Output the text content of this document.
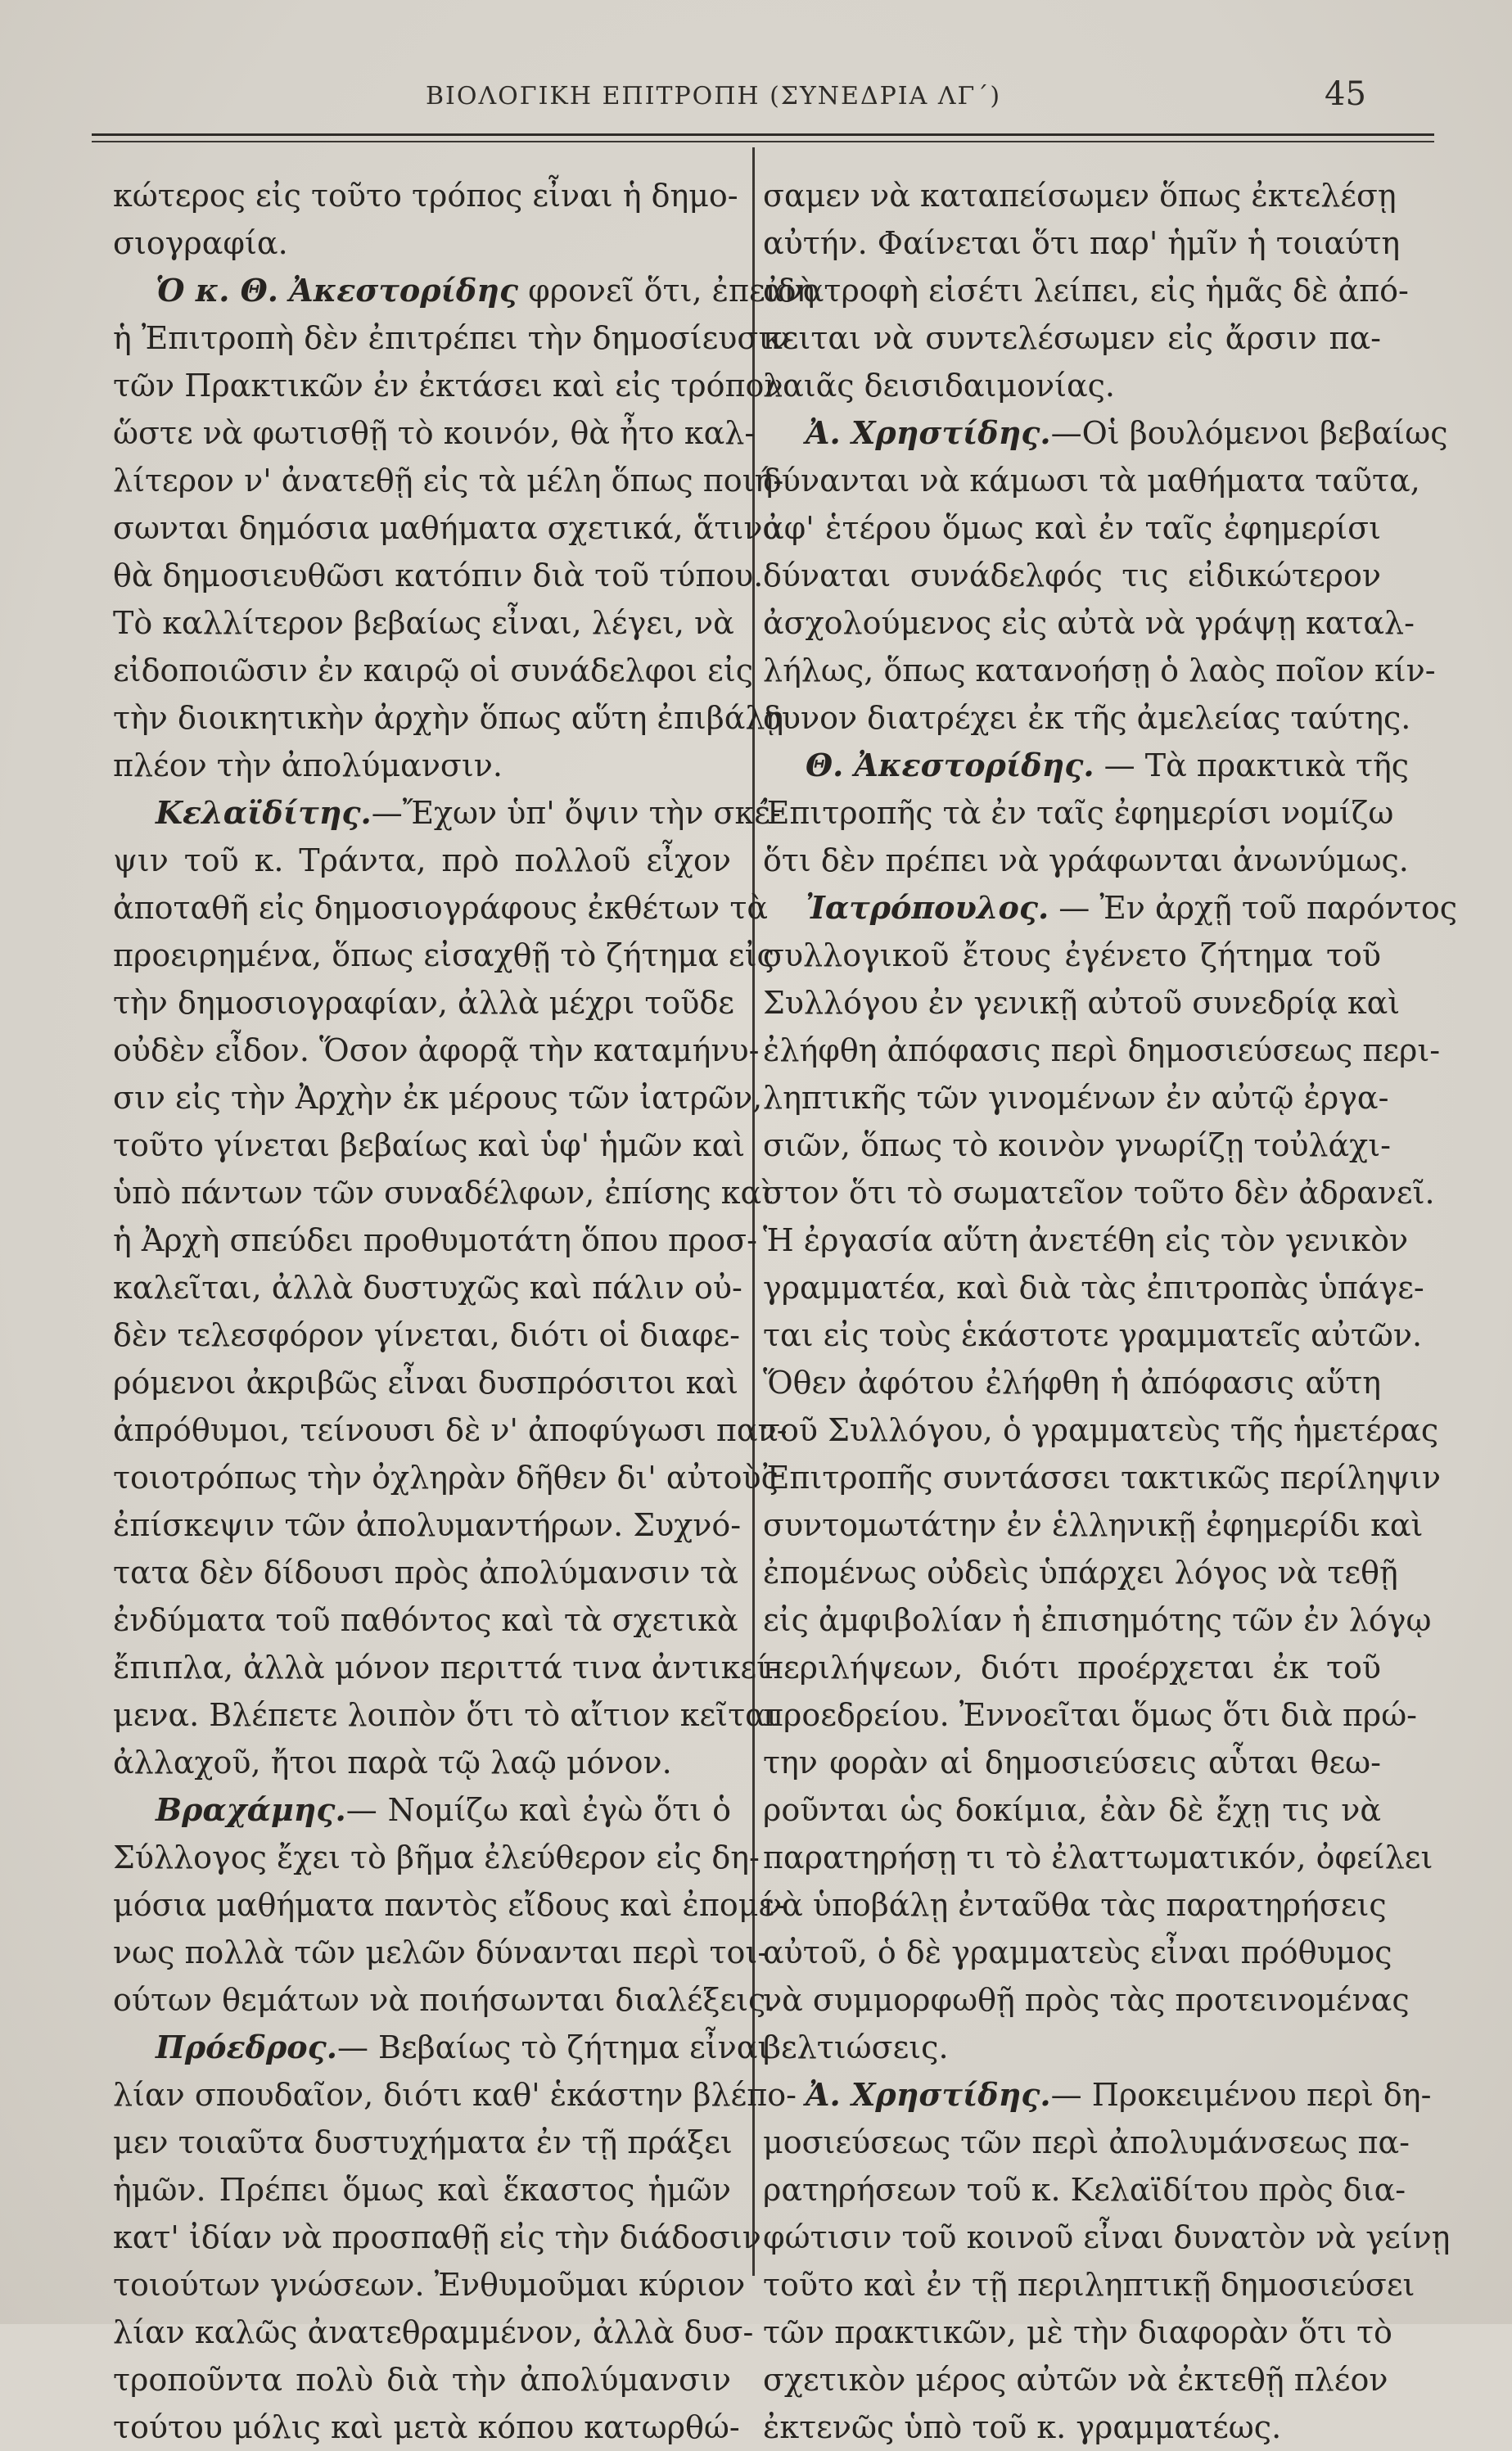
ΒΙΟΛΟΓΙΚΗ ΕΠΙΤΡΟΠΗ (ΣΥΝΕΔΡΙΑ ΛΓ΄)	45
κώτερος εἰς τοῦτο τρόπος εἶναι ἡ δημο-
σιογραφία.
Ὁ κ. Θ. Ἀκεστορίδης φρονεῖ ὅτι, ἐπειδὴ
ἡ Ἐπιτροπὴ δὲν ἐπιτρέπει τὴν δημοσίευσιν
τῶν Πρακτικῶν ἐν ἐκτάσει καὶ εἰς τρόπον
ὥστε νὰ φωτισθῇ τὸ κοινόν, θὰ ἦτο καλ-
λίτερον ν' ἀνατεθῇ εἰς τὰ μέλη ὅπως ποιή-
σωνται δημόσια μαθήματα σχετικά, ἅτινα
θὰ δημοσιευθῶσι κατόπιν διὰ τοῦ τύπου.
Τὸ καλλίτερον βεβαίως εἶναι, λέγει, νὰ
εἰδοποιῶσιν ἐν καιρῷ οἱ συνάδελφοι εἰς
τὴν διοικητικὴν ἀρχὴν ὅπως αὕτη ἐπιβάλῃ
πλέον τὴν ἀπολύμανσιν.
Κελαϊδίτης.—Ἔχων ὑπ' ὄψιν τὴν σκέ-
ψιν τοῦ κ. Τράντα, πρὸ πολλοῦ εἶχον
ἀποταθῆ εἰς δημοσιογράφους ἐκθέτων τὰ
προειρημένα, ὅπως εἰσαχθῇ τὸ ζήτημα εἰς
τὴν δημοσιογραφίαν, ἀλλὰ μέχρι τοῦδε
οὐδὲν εἶδον. Ὅσον ἀφορᾷ τὴν καταμήνυ-
σιν εἰς τὴν Ἀρχὴν ἐκ μέρους τῶν ἰατρῶν,
τοῦτο γίνεται βεβαίως καὶ ὑφ' ἡμῶν καὶ
ὑπὸ πάντων τῶν συναδέλφων, ἐπίσης καὶ
ἡ Ἀρχὴ σπεύδει προθυμοτάτη ὅπου προσ-
καλεῖται, ἀλλὰ δυστυχῶς καὶ πάλιν οὐ-
δὲν τελεσφόρον γίνεται, διότι οἱ διαφε-
ρόμενοι ἀκριβῶς εἶναι δυσπρόσιτοι καὶ
ἀπρόθυμοι, τείνουσι δὲ ν' ἀποφύγωσι παν-
τοιοτρόπως τὴν ὀχληρὰν δῆθεν δι' αὐτοὺς
ἐπίσκεψιν τῶν ἀπολυμαντήρων. Συχνό-
τατα δὲν δίδουσι πρὸς ἀπολύμανσιν τὰ
ἐνδύματα τοῦ παθόντος καὶ τὰ σχετικὰ
ἔπιπλα, ἀλλὰ μόνον περιττά τινα ἀντικεί-
μενα. Βλέπετε λοιπὸν ὅτι τὸ αἴτιον κεῖται
ἀλλαχοῦ, ἤτοι παρὰ τῷ λαῷ μόνον.
Βραχάμης.— Νομίζω καὶ ἐγὼ ὅτι ὁ
Σύλλογος ἔχει τὸ βῆμα ἐλεύθερον εἰς δη-
μόσια μαθήματα παντὸς εἴδους καὶ ἐπομέ-
νως πολλὰ τῶν μελῶν δύνανται περὶ τοι-
ούτων θεμάτων νὰ ποιήσωνται διαλέξεις.
Πρόεδρος.— Βεβαίως τὸ ζήτημα εἶναι
λίαν σπουδαῖον, διότι καθ' ἑκάστην βλέπο-
μεν τοιαῦτα δυστυχήματα ἐν τῇ πράξει
ἡμῶν. Πρέπει ὅμως καὶ ἕκαστος ἡμῶν
κατ' ἰδίαν νὰ προσπαθῇ εἰς τὴν διάδοσιν
τοιούτων γνώσεων. Ἐνθυμοῦμαι κύριον
λίαν καλῶς ἀνατεθραμμένον, ἀλλὰ δυσ-
τροποῦντα πολὺ διὰ τὴν ἀπολύμανσιν
τούτου μόλις καὶ μετὰ κόπου κατωρθώ-
σαμεν νὰ καταπείσωμεν ὅπως ἐκτελέσῃ
αὐτήν. Φαίνεται ὅτι παρ' ἡμῖν ἡ τοιαύτη
ἀνατροφὴ εἰσέτι λείπει, εἰς ἡμᾶς δὲ ἀπό-
κειται νὰ συντελέσωμεν εἰς ἄρσιν πα-
λαιᾶς δεισιδαιμονίας.
Ἀ. Χρηστίδης.—Οἱ βουλόμενοι βεβαίως
δύνανται νὰ κάμωσι τὰ μαθήματα ταῦτα,
ἀφ' ἑτέρου ὅμως καὶ ἐν ταῖς ἐφημερίσι
δύναται συνάδελφός τις εἰδικώτερον
ἀσχολούμενος εἰς αὐτὰ νὰ γράψῃ καταλ-
λήλως, ὅπως κατανοήσῃ ὁ λαὸς ποῖον κίν-
δυνον διατρέχει ἐκ τῆς ἀμελείας ταύτης.
Θ. Ἀκεστορίδης. — Τὰ πρακτικὰ τῆς
Ἐπιτροπῆς τὰ ἐν ταῖς ἐφημερίσι νομίζω
ὅτι δὲν πρέπει νὰ γράφωνται ἀνωνύμως.
Ἰατρόπουλος. — Ἐν ἀρχῇ τοῦ παρόντος
συλλογικοῦ ἔτους ἐγένετο ζήτημα τοῦ
Συλλόγου ἐν γενικῇ αὐτοῦ συνεδρίᾳ καὶ
ἐλήφθη ἀπόφασις περὶ δημοσιεύσεως περι-
ληπτικῆς τῶν γινομένων ἐν αὐτῷ ἐργα-
σιῶν, ὅπως τὸ κοινὸν γνωρίζῃ τοὐλάχι-
στον ὅτι τὸ σωματεῖον τοῦτο δὲν ἀδρανεῖ.
Ἡ ἐργασία αὕτη ἀνετέθη εἰς τὸν γενικὸν
γραμματέα, καὶ διὰ τὰς ἐπιτροπὰς ὑπάγε-
ται εἰς τοὺς ἑκάστοτε γραμματεῖς αὐτῶν.
Ὅθεν ἀφότου ἐλήφθη ἡ ἀπόφασις αὕτη
τοῦ Συλλόγου, ὁ γραμματεὺς τῆς ἡμετέρας
Ἐπιτροπῆς συντάσσει τακτικῶς περίληψιν
συντομωτάτην ἐν ἑλληνικῇ ἐφημερίδι καὶ
ἐπομένως οὐδεὶς ὑπάρχει λόγος νὰ τεθῇ
εἰς ἀμφιβολίαν ἡ ἐπισημότης τῶν ἐν λόγῳ
περιλήψεων, διότι προέρχεται ἐκ τοῦ
προεδρείου. Ἐννοεῖται ὅμως ὅτι διὰ πρώ-
την φορὰν αἱ δημοσιεύσεις αὗται θεω-
ροῦνται ὡς δοκίμια, ἐὰν δὲ ἔχῃ τις νὰ
παρατηρήσῃ τι τὸ ἐλαττωματικόν, ὀφείλει
νὰ ὑποβάλῃ ἐνταῦθα τὰς παρατηρήσεις
αὐτοῦ, ὁ δὲ γραμματεὺς εἶναι πρόθυμος
νὰ συμμορφωθῇ πρὸς τὰς προτεινομένας
βελτιώσεις.
Ἀ. Χρηστίδης.— Προκειμένου περὶ δη-
μοσιεύσεως τῶν περὶ ἀπολυμάνσεως πα-
ρατηρήσεων τοῦ κ. Κελαϊδίτου πρὸς δια-
φώτισιν τοῦ κοινοῦ εἶναι δυνατὸν νὰ γείνῃ
τοῦτο καὶ ἐν τῇ περιληπτικῇ δημοσιεύσει
τῶν πρακτικῶν, μὲ τὴν διαφορὰν ὅτι τὸ
σχετικὸν μέρος αὐτῶν νὰ ἐκτεθῇ πλέον
ἐκτενῶς ὑπὸ τοῦ κ. γραμματέως.
